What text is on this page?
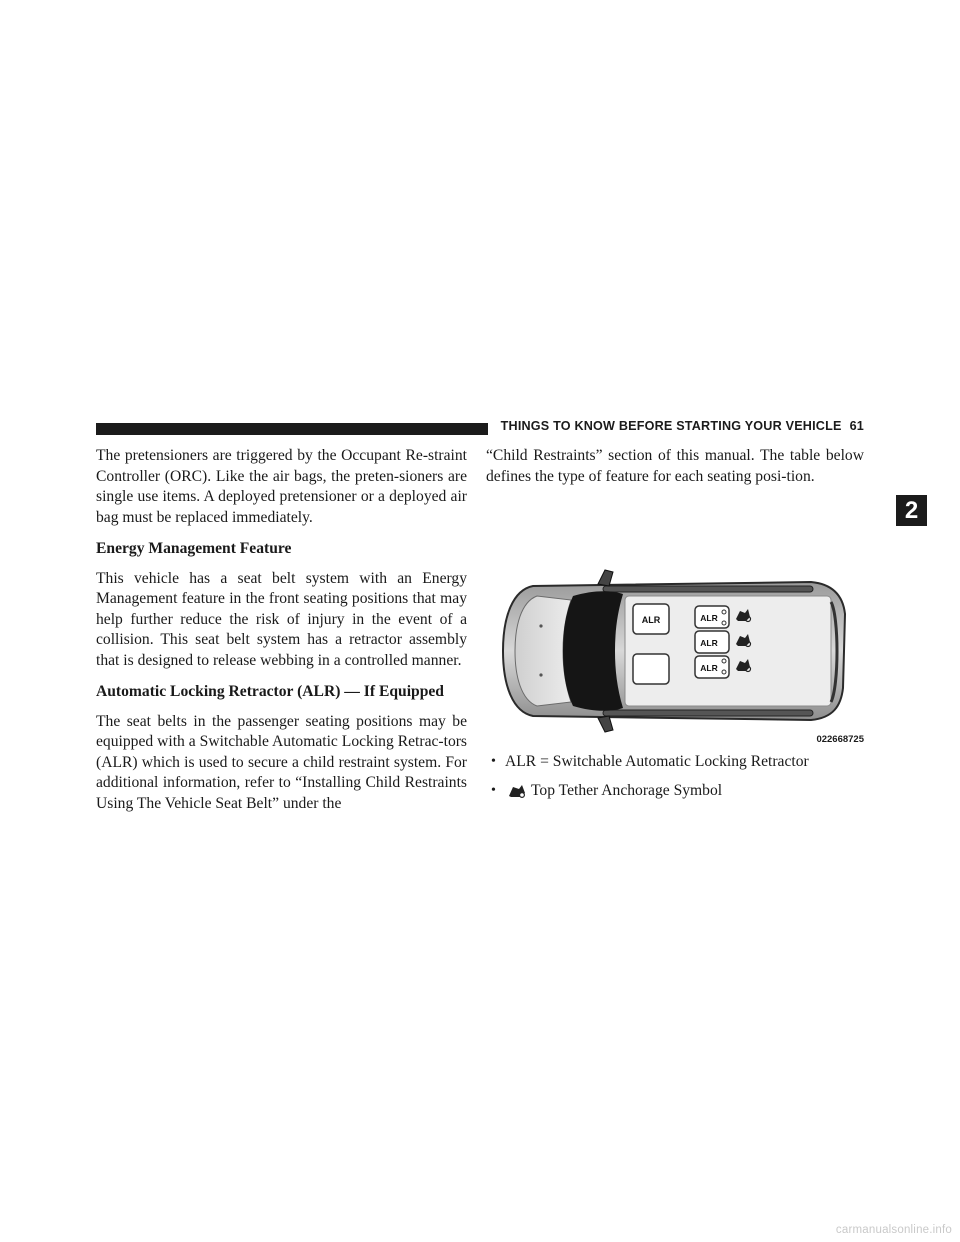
THINGS TO KNOW BEFORE STARTING YOUR VEHICLE 61
2

The pretensioners are triggered by the Occupant Re-straint Controller (ORC). Like the air bags, the preten-sioners are single use items. A deployed pretensioner or a deployed air bag must be replaced immediately.

Energy Management Feature

This vehicle has a seat belt system with an Energy Management feature in the front seating positions that may help further reduce the risk of injury in the event of a collision. This seat belt system has a retractor assembly that is designed to release webbing in a controlled manner.

Automatic Locking Retractor (ALR) — If Equipped

The seat belts in the passenger seating positions may be equipped with a Switchable Automatic Locking Retrac-tors (ALR) which is used to secure a child restraint system. For additional information, refer to “Installing Child Restraints Using The Vehicle Seat Belt” under the

“Child Restraints” section of this manual. The table below defines the type of feature for each seating posi-tion.

ALR	ALR
ALR
ALR
022668725
• ALR = Switchable Automatic Locking Retractor
•	Top Tether Anchorage Symbol
carmanualsonline.info
